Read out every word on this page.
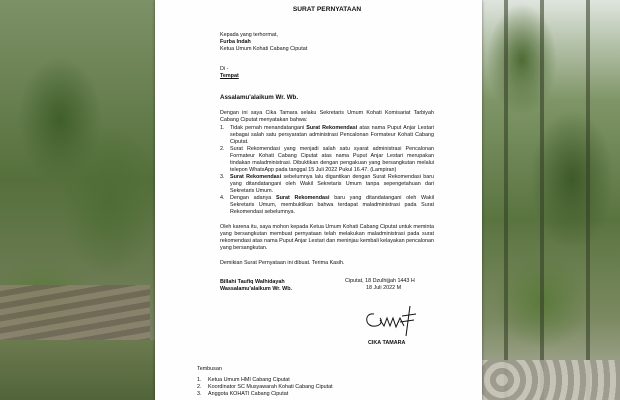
SURAT PERNYATAAN
Kepada yang terhormat,
Furba Indah
Ketua Umum Kohati Cabang Ciputat
Di -
Tempat
Assalamu'alaikum Wr. Wb.
Dengan ini saya Cika Tamara selaku Sekretaris Umum Kohati Komisariat Tarbiyah Cabang Ciputat menyatakan bahwa:
1. Tidak pernah menandatangani Surat Rekomendasi atas nama Puput Anjar Lestari sebagai salah satu persyaratan administrasi Pencalonan Formateur Kohati Cabang Ciputat.
2. Surat Rekomendasi yang menjadi salah satu syarat administrasi Pencalonan Formateur Kohati Cabang Ciputat atas nama Puput Anjar Lestari merupakan tindakan maladministrasi. Dibuktikan dengan pengakuan yang bersangkutan melalui telepon WhatsApp pada tanggal 15 Juli 2022 Pukul 16.47. (Lampiran)
3. Surat Rekomendasi sebelumnya lalu digantikan dengan Surat Rekomendasi baru yang ditandatangani oleh Wakil Sekretaris Umum tanpa sepengetahuan dari Sekretaris Umum.
4. Dengan adanya Surat Rekomendasi baru yang ditandatangani oleh Wakil Sekretaris Umum, membuktikan bahwa terdapat maladministrasi pada Surat Rekomendasi sebelumnya.
Oleh karena itu, saya mohon kepada Ketua Umum Kohati Cabang Ciputat untuk meminta yang bersangkutan membuat pernyataan telah melakukan maladministrasi pada surat rekomendasi atas nama Puput Anjar Lestari dan meninjau kembali kelayakan pencalonan yang bersangkutan.
Demikian Surat Pernyataan ini dibuat. Terima Kasih.
Billahi Taufiq Walhidayah
Wassalamu'alaikum Wr. Wb.
Ciputat, 18 Dzulhijjah 1443 H
18 Juli 2022 M
CIKA TAMARA
Tembusan
1. Ketua Umum HMI Cabang Ciputat
2. Koordinator SC Musyawarah Kohati Cabang Ciputat
3. Anggota KOHATI Cabang Ciputat
